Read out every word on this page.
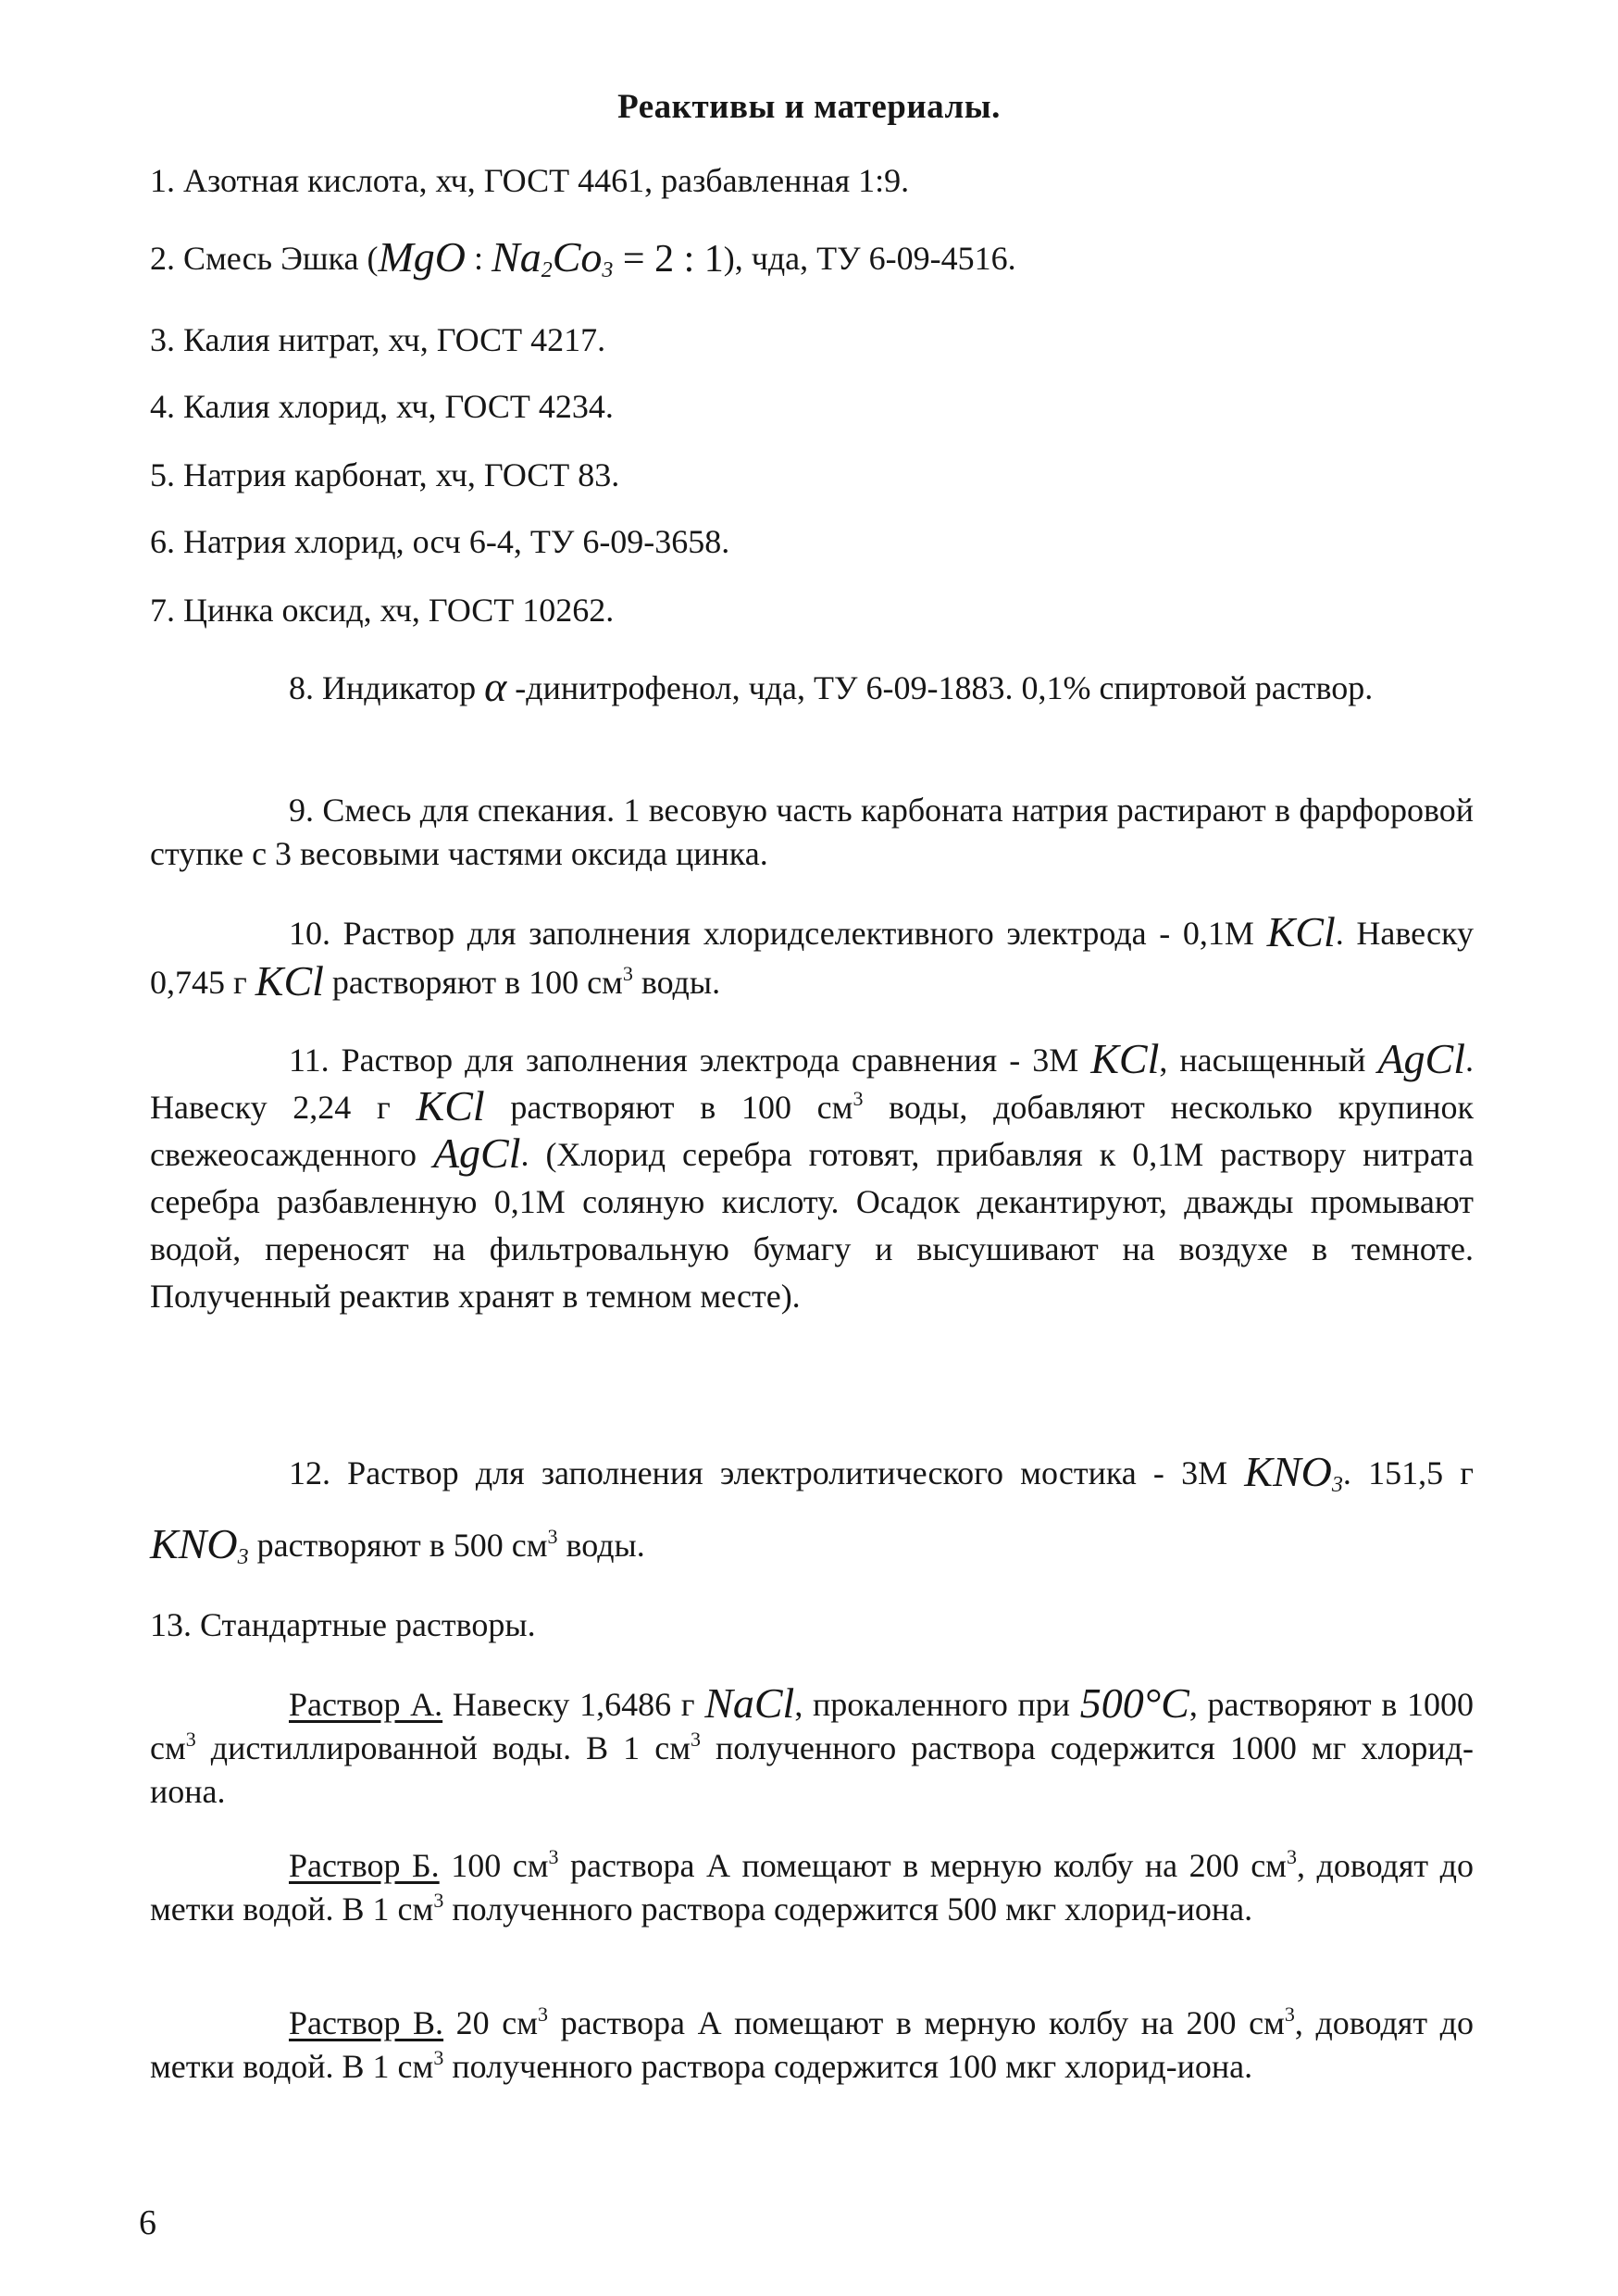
Реактивы и материалы.
1. Азотная кислота, хч, ГОСТ 4461, разбавленная 1:9.
2. Смесь Эшка (MgO : $Na_2Co_3 = 2$ : 1), чда, ТУ 6-09-4516.
3. Калия нитрат, хч, ГОСТ 4217.
4. Калия хлорид, хч, ГОСТ 4234.
5. Натрия карбонат, хч, ГОСТ 83.
6. Натрия хлорид, осч 6-4, ТУ 6-09-3658.
7. Цинка оксид, хч, ГОСТ 10262.
8. Индикатор α -динитрофенол, чда, ТУ 6-09-1883. 0,1% спиртовой раствор.
9. Смесь для спекания. 1 весовую часть карбоната натрия растирают в фарфоровой ступке с 3 весовыми частями оксида цинка.
10. Раствор для заполнения хлоридселективного электрода - 0,1М KCl. Навеску 0,745 г KCl растворяют в 100 $см^3$ воды.
11. Раствор для заполнения электрода сравнения - 3М KCl, насыщенный AgCl. Навеску 2,24 г KCl растворяют в 100 $см^3$ воды, добавляют несколько крупинок свежеосажденного AgCl. (Хлорид серебра готовят, прибавляя к 0,1М раствору нитрата серебра разбавленную 0,1М соляную кислоту. Осадок декантируют, дважды промывают водой, переносят на фильтровальную бумагу и высушивают на воздухе в темноте. Полученный реактив хранят в темном месте).
12. Раствор для заполнения электролитического мостика - 3М $KNO_3$. 151,5 г $KNO_3$ растворяют в 500 $см^3$ воды.
13. Стандартные растворы.
Раствор А. Навеску 1,6486 г NaCl, прокаленного при 500°C, растворяют в 1000 $см^3$ дистиллированной воды. В 1 $см^3$ полученного раствора содержится 1000 мг хлорид-иона.
Раствор Б. 100 $см^3$ раствора А помещают в мерную колбу на 200 $см^3$, доводят до метки водой. В 1 $см^3$ полученного раствора содержится 500 мкг хлорид-иона.
Раствор В. 20 $см^3$ раствора А помещают в мерную колбу на 200 $см^3$, доводят до метки водой. В 1 $см^3$ полученного раствора содержится 100 мкг хлорид-иона.
6
